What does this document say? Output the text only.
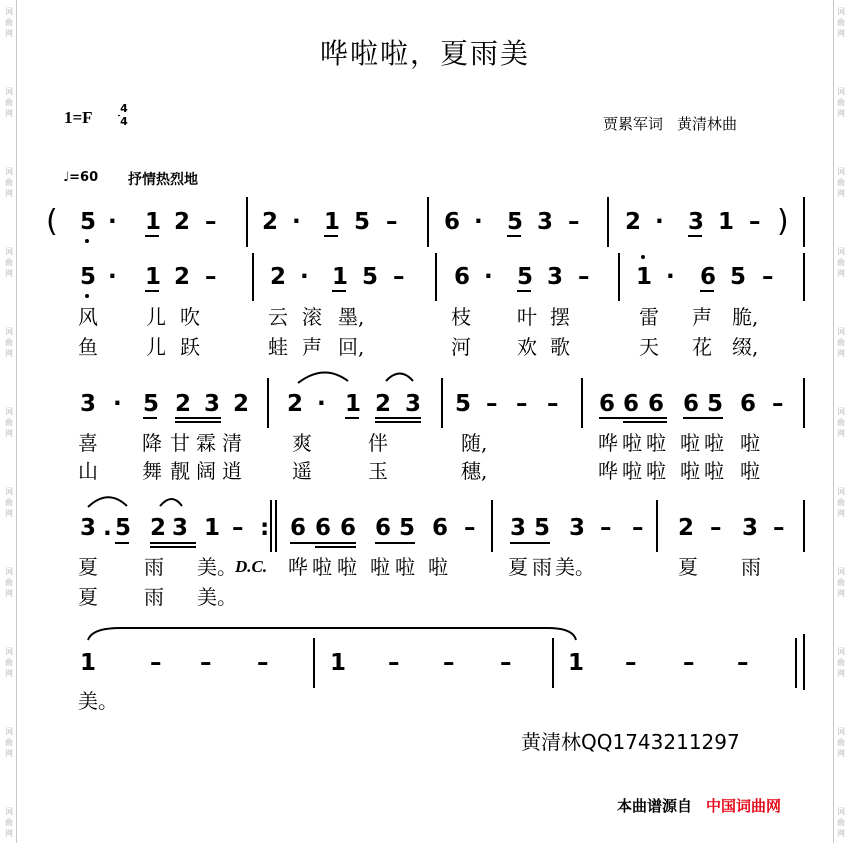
词
曲
网
词
曲
网
词
曲
网
词
曲
网
词
曲
网
词
曲
网
词
曲
网
词
曲
网
词
曲
网
词
曲
网
词
曲
网
词
曲
网
词
曲
网
词
曲
网
词
曲
网
词
曲
网
词
曲
网
词
曲
网
词
曲
网
词
曲
网
词
曲
网
词
曲
网
哗啦啦，夏雨美
1=F	4
4	贾累军词 黄清林曲
♩=60 抒情热烈地
(	)
5 · 1 2 – 2 · 1 5 – 6 · 5 3 – 2 · 3 1 –
5 · 1 2 – 2 · 1 5 – 6 · 5 3 – 1 · 6 5 –
风 儿 吹	云 滚 墨,	枝 叶 摆	雷 声 脆,
鱼 儿 跃	蛙 声 回,	河 欢 歌	天 花 缀,
3 · 5 2 3 2 2 · 1 2 3 5 – – – 6 6 6 6 5 6 –
喜 降 甘 霖 清	爽	伴	随,	哗 啦 啦 啦 啦 啦
山 舞 靓 阔 逍	遥	玉	穗,	哗 啦 啦 啦 啦 啦
3 . 5 2 3 1 – : 6 6 6 6 5 6 – 3 5 3 – – 2 – 3 –
夏 雨 美。	哗 啦 啦 啦 啦 啦	夏 雨 美。	夏 雨
D.C.
夏 雨 美。
1 – – –	1 – – – 1 – – –
美。
黄清林QQ1743211297
本曲谱源自 中国词曲网
